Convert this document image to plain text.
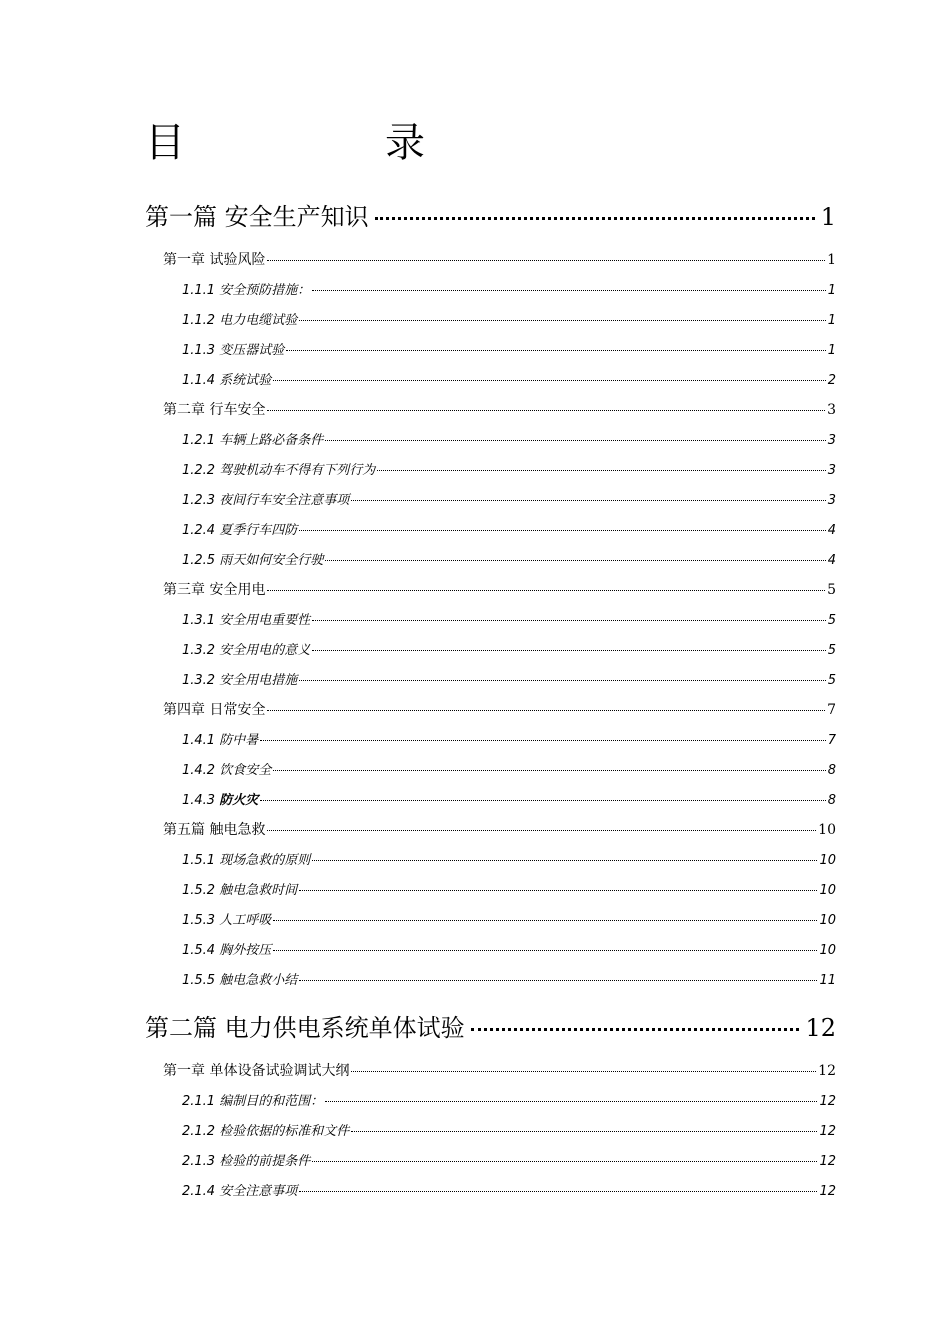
目　录
第一篇 安全生产知识	1
第一章 试验风险	1
1.1.1 安全预防措施：	1
1.1.2 电力电缆试验	1
1.1.3 变压器试验	1
1.1.4 系统试验	2
第二章 行车安全	3
1.2.1 车辆上路必备条件	3
1.2.2 驾驶机动车不得有下列行为	3
1.2.3 夜间行车安全注意事项	3
1.2.4 夏季行车四防	4
1.2.5 雨天如何安全行驶	4
第三章 安全用电	5
1.3.1 安全用电重要性	5
1.3.2 安全用电的意义	5
1.3.2 安全用电措施	5
第四章 日常安全	7
1.4.1 防中暑	7
1.4.2 饮食安全	8
1.4.3 防火灾	8
第五篇 触电急救	10
1.5.1 现场急救的原则	10
1.5.2 触电急救时间	10
1.5.3 人工呼吸	10
1.5.4 胸外按压	10
1.5.5 触电急救小结	11
第二篇 电力供电系统单体试验	12
第一章 单体设备试验调试大纲	12
2.1.1 编制目的和范围：	12
2.1.2 检验依据的标准和文件	12
2.1.3 检验的前提条件	12
2.1.4 安全注意事项	12
